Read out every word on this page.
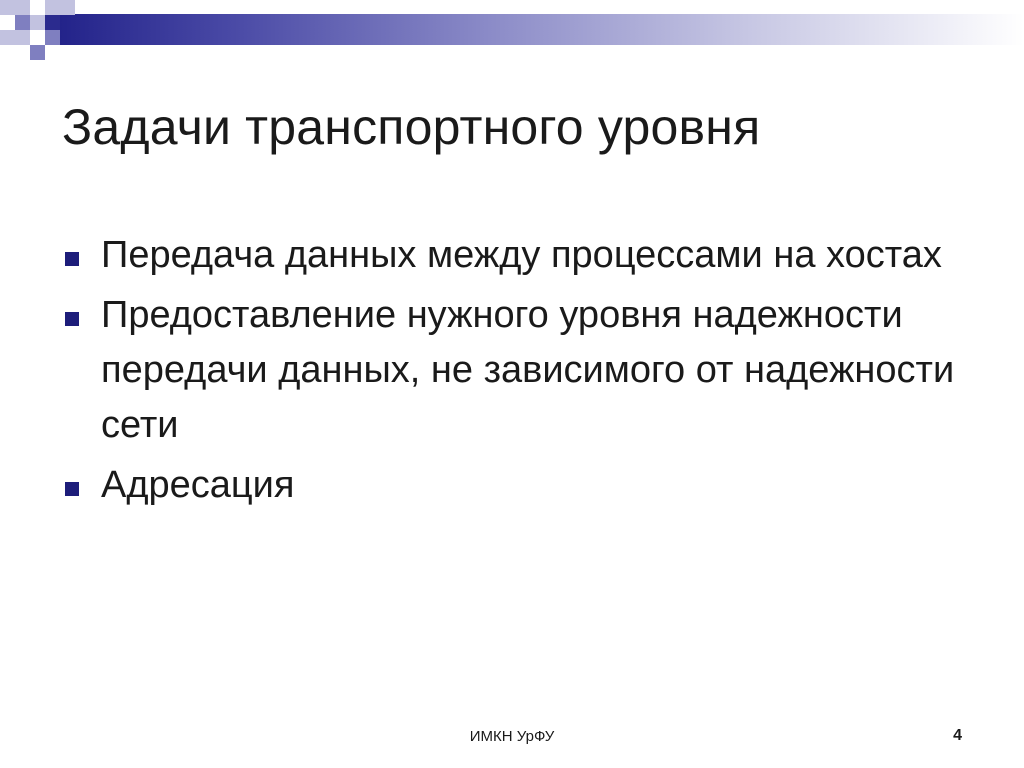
Задачи транспортного уровня
Передача данных между процессами на хостах
Предоставление нужного уровня надежности передачи данных, не зависимого от надежности сети
Адресация
ИМКН УрФУ	4
